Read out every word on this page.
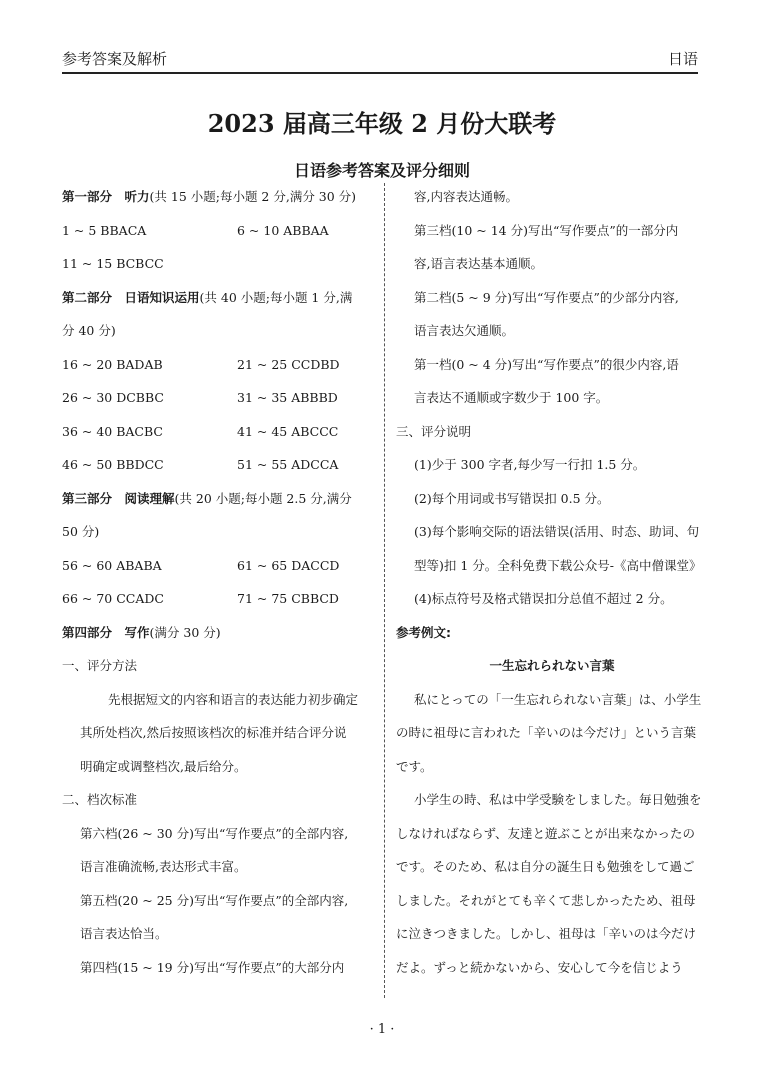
参考答案及解析	日语
2023 届高三年级 2 月份大联考
日语参考答案及评分细则
第一部分　听力(共 15 小题;每小题 2 分,满分 30 分)
1 ~ 5 BBACA	6 ~ 10 ABBAA
11 ~ 15 BCBCC
第二部分　日语知识运用(共 40 小题;每小题 1 分,满
分 40 分)
16 ~ 20 BADAB	21 ~ 25 CCDBD
26 ~ 30 DCBBC	31 ~ 35 ABBBD
36 ~ 40 BACBC	41 ~ 45 ABCCC
46 ~ 50 BBDCC	51 ~ 55 ADCCA
第三部分　阅读理解(共 20 小题;每小题 2.5 分,满分
50 分)
56 ~ 60 ABABA	61 ~ 65 DACCD
66 ~ 70 CCADC	71 ~ 75 CBBCD
第四部分　写作(满分 30 分)
一、评分方法
先根据短文的内容和语言的表达能力初步确定
其所处档次,然后按照该档次的标准并结合评分说
明确定或调整档次,最后给分。
二、档次标准
第六档(26 ~ 30 分)写出“写作要点”的全部内容,
语言准确流畅,表达形式丰富。
第五档(20 ~ 25 分)写出“写作要点”的全部内容,
语言表达恰当。
第四档(15 ~ 19 分)写出“写作要点”的大部分内
容,内容表达通畅。
第三档(10 ~ 14 分)写出“写作要点”的一部分内
容,语言表达基本通顺。
第二档(5 ~ 9 分)写出“写作要点”的少部分内容,
语言表达欠通顺。
第一档(0 ~ 4 分)写出“写作要点”的很少内容,语
言表达不通顺或字数少于 100 字。
三、评分说明
(1)少于 300 字者,每少写一行扣 1.5 分。
(2)每个用词或书写错误扣 0.5 分。
(3)每个影响交际的语法错误(活用、时态、助词、句
型等)扣 1 分。全科免费下载公众号-《高中僧课堂》
(4)标点符号及格式错误扣分总值不超过 2 分。
参考例文:
一生忘れられない言葉
私にとっての「一生忘れられない言葉」は、小学生
の時に祖母に言われた「辛いのは今だけ」という言葉
です。
小学生の時、私は中学受験をしました。毎日勉強を
しなければならず、友達と遊ぶことが出来なかったの
です。そのため、私は自分の誕生日も勉強をして過ご
しました。それがとても辛くて悲しかったため、祖母
に泣きつきました。しかし、祖母は「辛いのは今だけ
だよ。ずっと続かないから、安心して今を信じよう
· 1 ·
